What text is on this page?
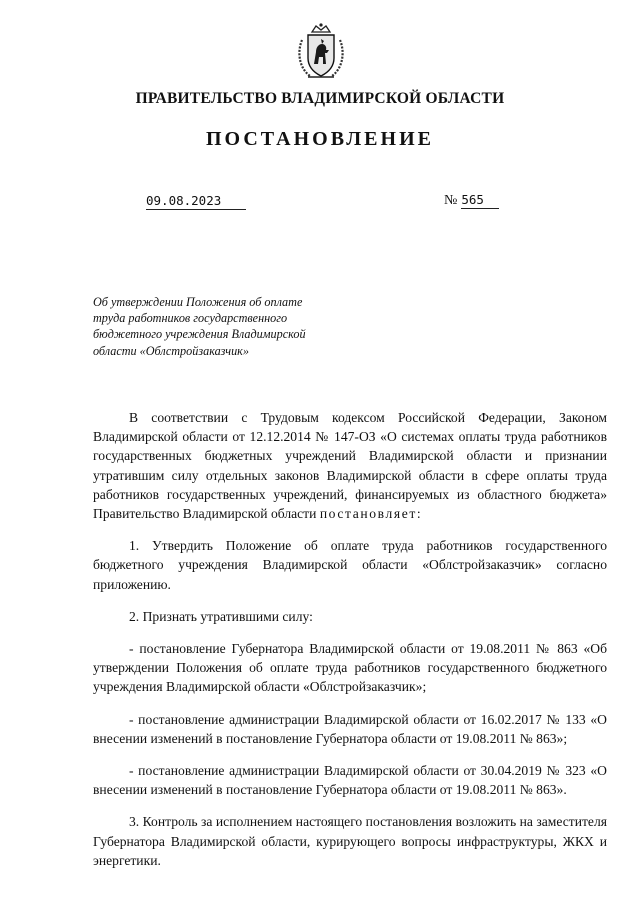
ПРАВИТЕЛЬСТВО ВЛАДИМИРСКОЙ ОБЛАСТИ
ПОСТАНОВЛЕНИЕ
09.08.2023	№ 565
Об утверждении Положения об оплате труда работников государственного бюджетного учреждения Владимирской области «Облстройзаказчик»

В соответствии с Трудовым кодексом Российской Федерации, Законом Владимирской области от 12.12.2014 № 147-ОЗ «О системах оплаты труда работников государственных бюджетных учреждений Владимирской области и признании утратившим силу отдельных законов Владимирской области в сфере оплаты труда работников государственных учреждений, финансируемых из областного бюджета» Правительство Владимирской области постановляет:

1. Утвердить Положение об оплате труда работников государственного бюджетного учреждения Владимирской области «Облстройзаказчик» согласно приложению.

2. Признать утратившими силу:

- постановление Губернатора Владимирской области от 19.08.2011 № 863 «Об утверждении Положения об оплате труда работников государственного бюджетного учреждения Владимирской области «Облстройзаказчик»;

- постановление администрации Владимирской области от 16.02.2017 № 133 «О внесении изменений в постановление Губернатора области от 19.08.2011 № 863»;

- постановление администрации Владимирской области от 30.04.2019 № 323 «О внесении изменений в постановление Губернатора области от 19.08.2011 № 863».

3. Контроль за исполнением настоящего постановления возложить на заместителя Губернатора Владимирской области, курирующего вопросы инфраструктуры, ЖКХ и энергетики.
